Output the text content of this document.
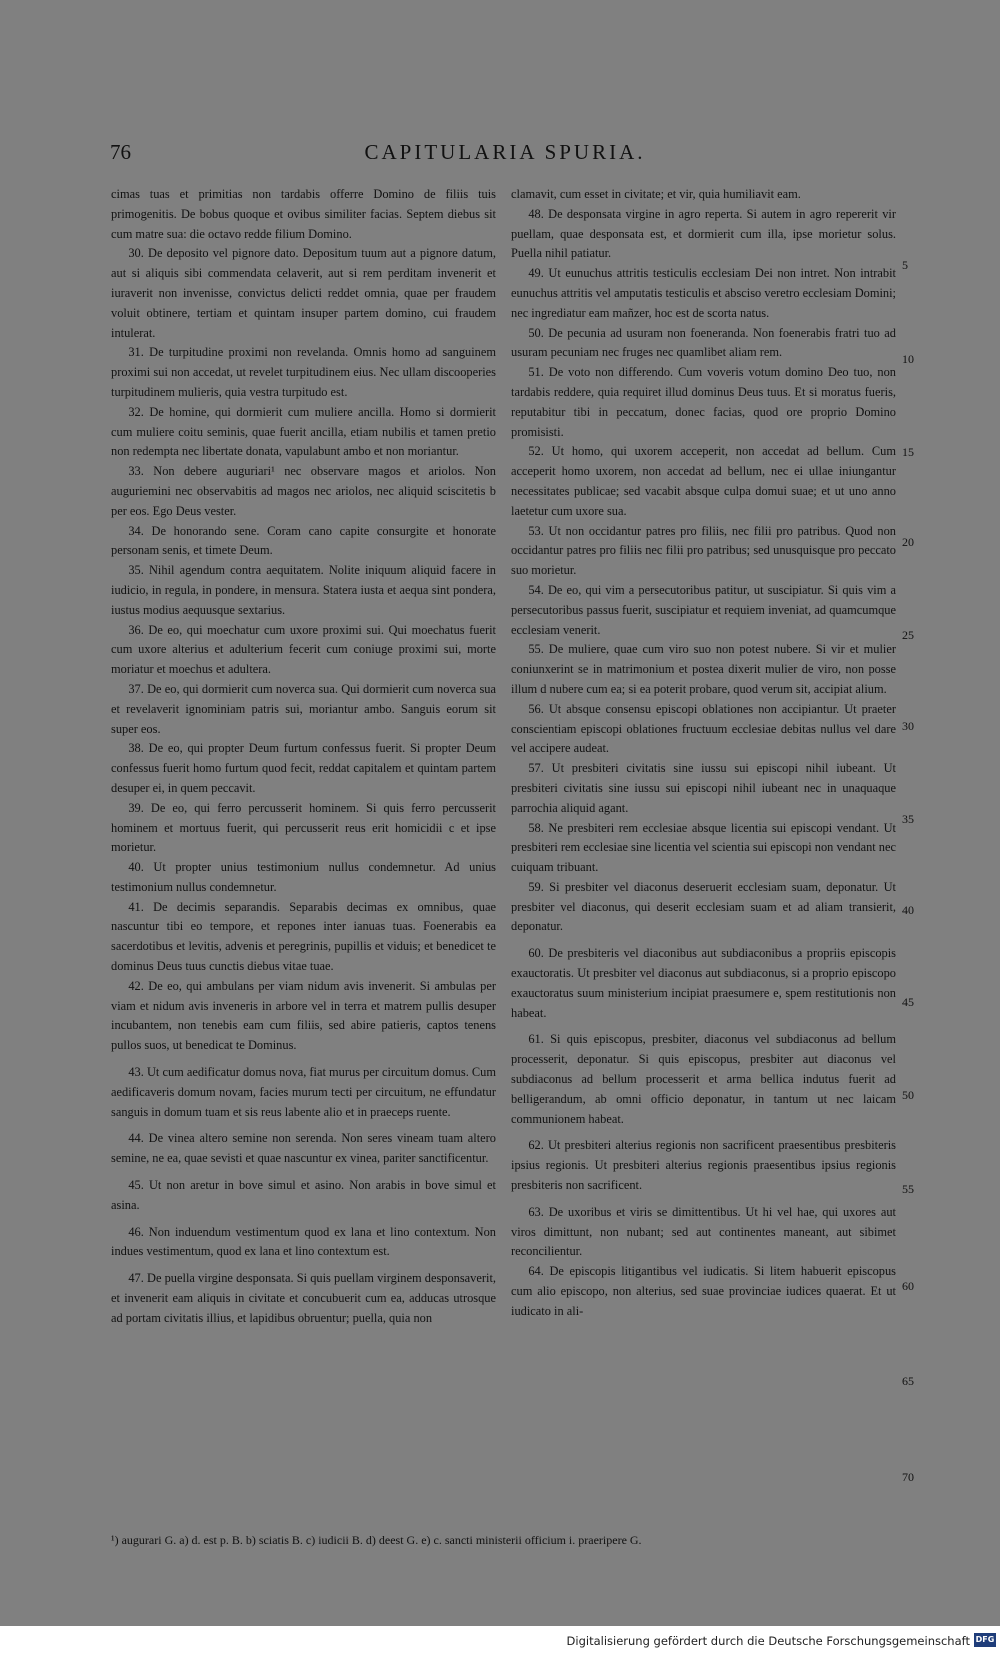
76	CAPITULARIA SPURIA.

cimas tuas et primitias non tardabis offerre Domino de filiis tuis primogenitis. De bobus quoque et ovibus similiter facias. Septem diebus sit cum matre sua: die octavo redde filium Domino.

30. De deposito vel pignore dato. Depositum tuum aut a pignore datum, aut si aliquis sibi commendata celaverit, aut si rem perditam invenerit et iuraverit non invenisse, convictus delicti reddet omnia, quae per fraudem voluit obtinere, tertiam et quintam insuper partem domino, cui fraudem intulerat.

31. De turpitudine proximi non revelanda. Omnis homo ad sanguinem proximi sui non accedat, ut revelet turpitudinem eius. Nec ullam discooperies turpitudinem mulieris, quia vestra turpitudo est.

32. De homine, qui dormierit cum muliere ancilla. Homo si dormierit cum muliere coitu seminis, quae fuerit ancilla, etiam nubilis et tamen pretio non redempta nec libertate donata, vapulabunt ambo et non moriantur.

33. Non debere auguriari¹ nec observare magos et ariolos. Non auguriemini nec observabitis ad magos nec ariolos, nec aliquid sciscitetis b per eos. Ego Deus vester.

34. De honorando sene. Coram cano capite consurgite et honorate personam senis, et timete Deum.

35. Nihil agendum contra aequitatem. Nolite iniquum aliquid facere in iudicio, in regula, in pondere, in mensura. Statera iusta et aequa sint pondera, iustus modius aequusque sextarius.

36. De eo, qui moechatur cum uxore proximi sui. Qui moechatus fuerit cum uxore alterius et adulterium fecerit cum coniuge proximi sui, morte moriatur et moechus et adultera.

37. De eo, qui dormierit cum noverca sua. Qui dormierit cum noverca sua et revelaverit ignominiam patris sui, moriantur ambo. Sanguis eorum sit super eos.

38. De eo, qui propter Deum furtum confessus fuerit. Si propter Deum confessus fuerit homo furtum quod fecit, reddat capitalem et quintam partem desuper ei, in quem peccavit.

39. De eo, qui ferro percusserit hominem. Si quis ferro percusserit hominem et mortuus fuerit, qui percusserit reus erit homicidii c et ipse morietur.

40. Ut propter unius testimonium nullus condemnetur. Ad unius testimonium nullus condemnetur.

41. De decimis separandis. Separabis decimas ex omnibus, quae nascuntur tibi eo tempore, et repones inter ianuas tuas. Foenerabis ea sacerdotibus et levitis, advenis et peregrinis, pupillis et viduis; et benedicet te dominus Deus tuus cunctis diebus vitae tuae.

42. De eo, qui ambulans per viam nidum avis invenerit. Si ambulas per viam et nidum avis inveneris in arbore vel in terra et matrem pullis desuper incubantem, non tenebis eam cum filiis, sed abire patieris, captos tenens pullos suos, ut benedicat te Dominus.

43. Ut cum aedificatur domus nova, fiat murus per circuitum domus. Cum aedificaveris domum novam, facies murum tecti per circuitum, ne effundatur sanguis in domum tuam et sis reus labente alio et in praeceps ruente.

44. De vinea altero semine non serenda. Non seres vineam tuam altero semine, ne ea, quae sevisti et quae nascuntur ex vinea, pariter sanctificentur.

45. Ut non aretur in bove simul et asino. Non arabis in bove simul et asina.

46. Non induendum vestimentum quod ex lana et lino contextum. Non indues vestimentum, quod ex lana et lino contextum est.

47. De puella virgine desponsata. Si quis puellam virginem desponsaverit, et invenerit eam aliquis in civitate et concubuerit cum ea, adducas utrosque ad portam civitatis illius, et lapidibus obruentur; puella, quia non

clamavit, cum esset in civitate; et vir, quia humiliavit eam.

48. De desponsata virgine in agro reperta. Si autem in agro repererit vir puellam, quae desponsata est, et dormierit cum illa, ipse morietur solus. Puella nihil patiatur.

49. Ut eunuchus attritis testiculis ecclesiam Dei non intret. Non intrabit eunuchus attritis vel amputatis testiculis et absciso veretro ecclesiam Domini; nec ingrediatur eam mañzer, hoc est de scorta natus.

50. De pecunia ad usuram non foeneranda. Non foenerabis fratri tuo ad usuram pecuniam nec fruges nec quamlibet aliam rem.

51. De voto non differendo. Cum voveris votum domino Deo tuo, non tardabis reddere, quia requiret illud dominus Deus tuus. Et si moratus fueris, reputabitur tibi in peccatum, donec facias, quod ore proprio Domino promisisti.

52. Ut homo, qui uxorem acceperit, non accedat ad bellum. Cum acceperit homo uxorem, non accedat ad bellum, nec ei ullae iniungantur necessitates publicae; sed vacabit absque culpa domui suae; et ut uno anno laetetur cum uxore sua.

53. Ut non occidantur patres pro filiis, nec filii pro patribus. Quod non occidantur patres pro filiis nec filii pro patribus; sed unusquisque pro peccato suo morietur.

54. De eo, qui vim a persecutoribus patitur, ut suscipiatur. Si quis vim a persecutoribus passus fuerit, suscipiatur et requiem inveniat, ad quamcumque ecclesiam venerit.

55. De muliere, quae cum viro suo non potest nubere. Si vir et mulier coniunxerint se in matrimonium et postea dixerit mulier de viro, non posse illum d nubere cum ea; si ea poterit probare, quod verum sit, accipiat alium.

56. Ut absque consensu episcopi oblationes non accipiantur. Ut praeter conscientiam episcopi oblationes fructuum ecclesiae debitas nullus vel dare vel accipere audeat.

57. Ut presbiteri civitatis sine iussu sui episcopi nihil iubeant. Ut presbiteri civitatis sine iussu sui episcopi nihil iubeant nec in unaquaque parrochia aliquid agant.

58. Ne presbiteri rem ecclesiae absque licentia sui episcopi vendant. Ut presbiteri rem ecclesiae sine licentia vel scientia sui episcopi non vendant nec cuiquam tribuant.

59. Si presbiter vel diaconus deseruerit ecclesiam suam, deponatur. Ut presbiter vel diaconus, qui deserit ecclesiam suam et ad aliam transierit, deponatur.

60. De presbiteris vel diaconibus aut subdiaconibus a propriis episcopis exauctoratis. Ut presbiter vel diaconus aut subdiaconus, si a proprio episcopo exauctoratus suum ministerium incipiat praesumere e, spem restitutionis non habeat.

61. Si quis episcopus, presbiter, diaconus vel subdiaconus ad bellum processerit, deponatur. Si quis episcopus, presbiter aut diaconus vel subdiaconus ad bellum processerit et arma bellica indutus fuerit ad belligerandum, ab omni officio deponatur, in tantum ut nec laicam communionem habeat.

62. Ut presbiteri alterius regionis non sacrificent praesentibus presbiteris ipsius regionis. Ut presbiteri alterius regionis praesentibus ipsius regionis presbiteris non sacrificent.

63. De uxoribus et viris se dimittentibus. Ut hi vel hae, qui uxores aut viros dimittunt, non nubant; sed aut continentes maneant, aut sibimet reconcilientur.

64. De episcopis litigantibus vel iudicatis. Si litem habuerit episcopus cum alio episcopo, non alterius, sed suae provinciae iudices quaerat. Et ut iudicato in ali-

5
10
15
20
25
30
35
40
45
50
55
60
65
70
¹) augurari G. a) d. est p. B. b) sciatis B. c) iudicii B. d) deest G. e) c. sancti ministerii officium i. praeripere G.
Digitalisierung gefördert durch die Deutsche Forschungsgemeinschaft DFG
